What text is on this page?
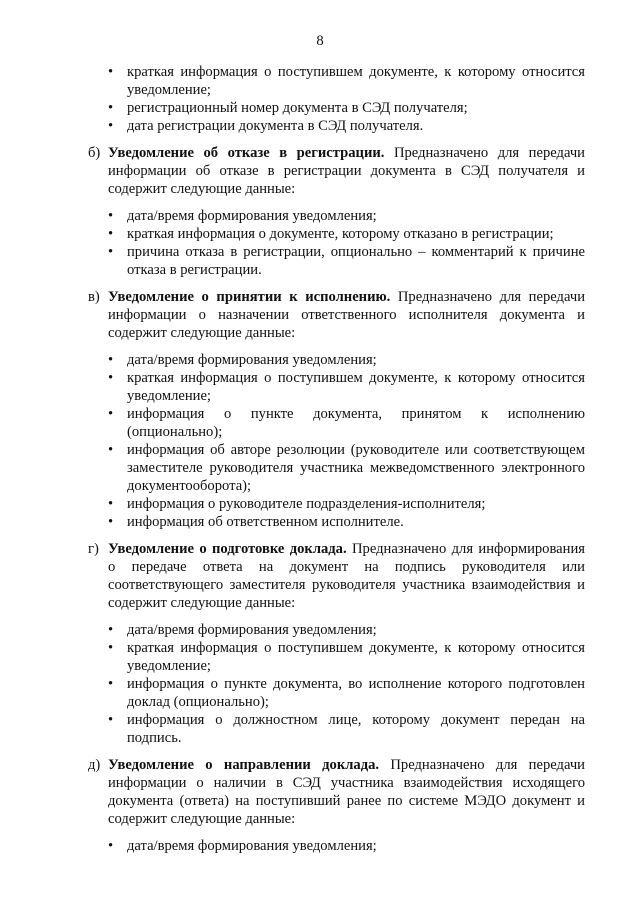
8
• краткая информация о поступившем документе, к которому относится уведомление;
• регистрационный номер документа в СЭД получателя;
• дата регистрации документа в СЭД получателя.
б) Уведомление об отказе в регистрации. Предназначено для передачи информации об отказе в регистрации документа в СЭД получателя и содержит следующие данные:
• дата/время формирования уведомления;
• краткая информация о документе, которому отказано в регистрации;
• причина отказа в регистрации, опционально – комментарий к причине отказа в регистрации.
в) Уведомление о принятии к исполнению. Предназначено для передачи информации о назначении ответственного исполнителя документа и содержит следующие данные:
• дата/время формирования уведомления;
• краткая информация о поступившем документе, к которому относится уведомление;
• информация о пункте документа, принятом к исполнению (опционально);
• информация об авторе резолюции (руководителе или соответствующем заместителе руководителя участника межведомственного электронного документооборота);
• информация о руководителе подразделения-исполнителя;
• информация об ответственном исполнителе.
г) Уведомление о подготовке доклада. Предназначено для информирования о передаче ответа на документ на подпись руководителя или соответствующего заместителя руководителя участника взаимодействия и содержит следующие данные:
• дата/время формирования уведомления;
• краткая информация о поступившем документе, к которому относится уведомление;
• информация о пункте документа, во исполнение которого подготовлен доклад (опционально);
• информация о должностном лице, которому документ передан на подпись.
д) Уведомление о направлении доклада. Предназначено для передачи информации о наличии в СЭД участника взаимодействия исходящего документа (ответа) на поступивший ранее по системе МЭДО документ и содержит следующие данные:
• дата/время формирования уведомления;
